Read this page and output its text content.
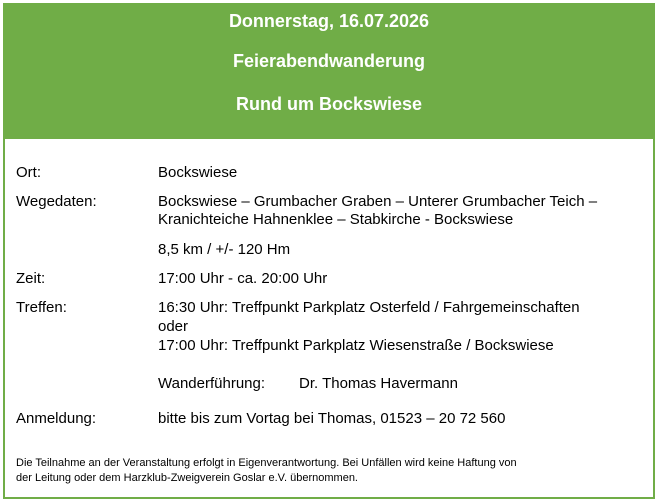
Donnerstag, 16.07.2026
Feierabendwanderung
Rund um Bockswiese
Ort:	Bockswiese
Wegedaten:	Bockswiese – Grumbacher Graben – Unterer Grumbacher Teich –
Kranichteiche Hahnenklee – Stabkirche - Bockswiese
8,5 km / +/- 120 Hm
Zeit:	17:00 Uhr - ca. 20:00 Uhr
Treffen:	16:30 Uhr: Treffpunkt Parkplatz Osterfeld / Fahrgemeinschaften
oder
17:00 Uhr: Treffpunkt Parkplatz Wiesenstraße / Bockswiese
Wanderführung:	Dr. Thomas Havermann
Anmeldung:	bitte bis zum Vortag bei Thomas, 01523 – 20 72 560
Die Teilnahme an der Veranstaltung erfolgt in Eigenverantwortung. Bei Unfällen wird keine Haftung von
der Leitung oder dem Harzklub-Zweigverein Goslar e.V. übernommen.
